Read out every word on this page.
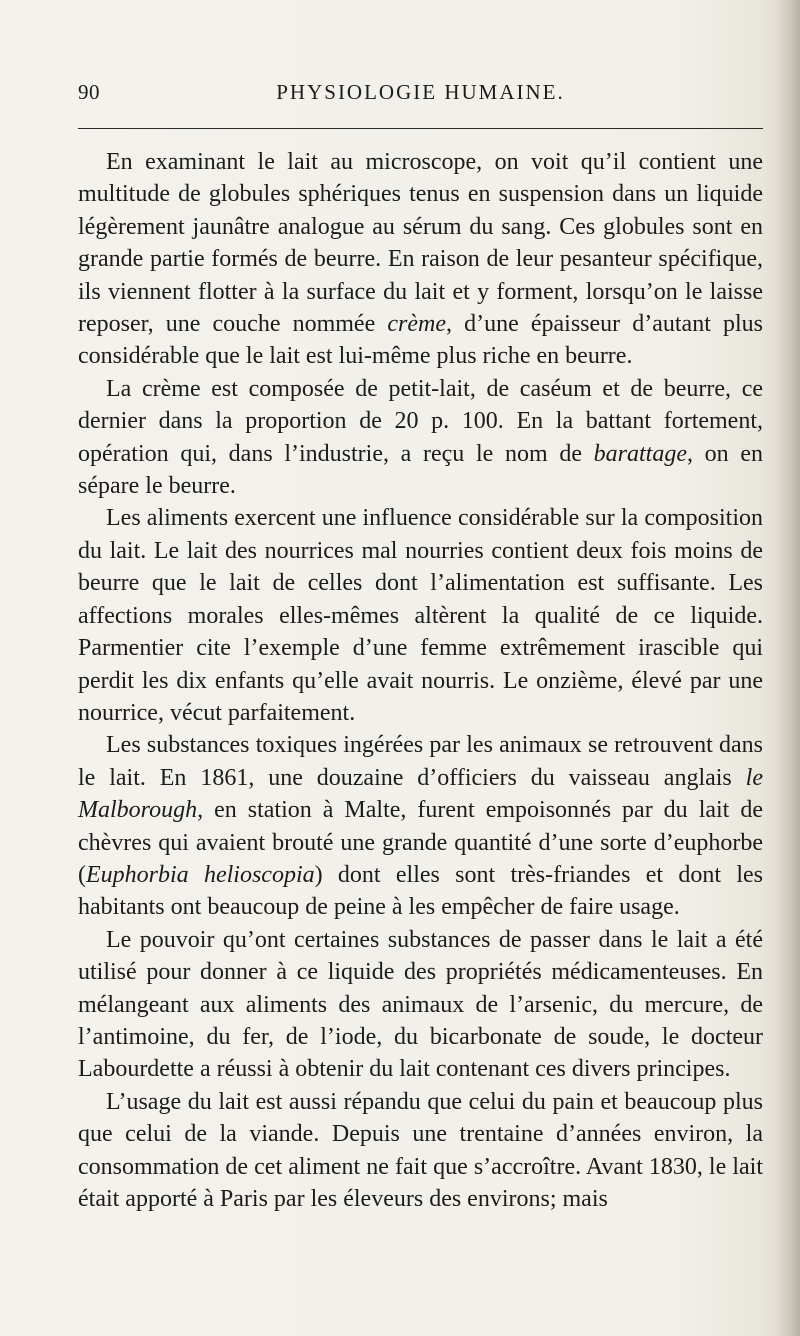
90	PHYSIOLOGIE HUMAINE.

En examinant le lait au microscope, on voit qu’il contient une multitude de globules sphériques tenus en suspension dans un liquide légèrement jaunâtre analogue au sérum du sang. Ces globules sont en grande partie formés de beurre. En raison de leur pesanteur spécifique, ils viennent flotter à la surface du lait et y forment, lorsqu’on le laisse reposer, une couche nommée crème, d’une épaisseur d’autant plus considérable que le lait est lui-même plus riche en beurre.

La crème est composée de petit-lait, de caséum et de beurre, ce dernier dans la proportion de 20 p. 100. En la battant fortement, opération qui, dans l’industrie, a reçu le nom de barattage, on en sépare le beurre.

Les aliments exercent une influence considérable sur la composition du lait. Le lait des nourrices mal nourries contient deux fois moins de beurre que le lait de celles dont l’alimentation est suffisante. Les affections morales elles-mêmes altèrent la qualité de ce liquide. Parmentier cite l’exemple d’une femme extrêmement irascible qui perdit les dix enfants qu’elle avait nourris. Le onzième, élevé par une nourrice, vécut parfaitement.

Les substances toxiques ingérées par les animaux se retrouvent dans le lait. En 1861, une douzaine d’officiers du vaisseau anglais le Malborough, en station à Malte, furent empoisonnés par du lait de chèvres qui avaient brouté une grande quantité d’une sorte d’euphorbe (Euphorbia helioscopia) dont elles sont très-friandes et dont les habitants ont beaucoup de peine à les empêcher de faire usage.

Le pouvoir qu’ont certaines substances de passer dans le lait a été utilisé pour donner à ce liquide des propriétés médicamenteuses. En mélangeant aux aliments des animaux de l’arsenic, du mercure, de l’antimoine, du fer, de l’iode, du bicarbonate de soude, le docteur Labourdette a réussi à obtenir du lait contenant ces divers principes.

L’usage du lait est aussi répandu que celui du pain et beaucoup plus que celui de la viande. Depuis une trentaine d’années environ, la consommation de cet aliment ne fait que s’accroître. Avant 1830, le lait était apporté à Paris par les éleveurs des environs; mais
